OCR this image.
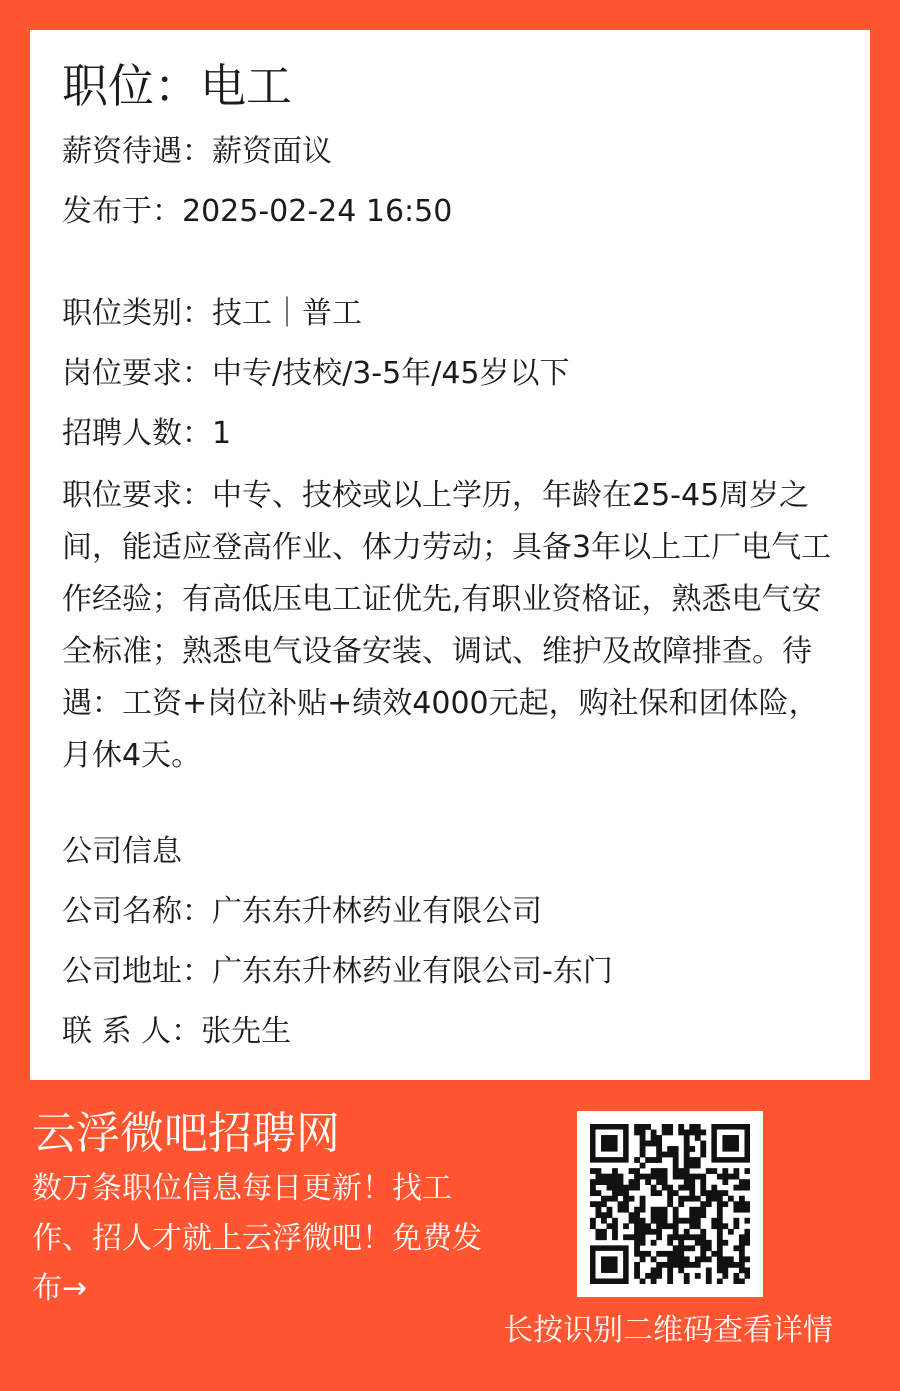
职位：电工
薪资待遇：薪资面议
发布于：2025-02-24 16:50
职位类别：技工｜普工
岗位要求：中专/技校/3-5年/45岁以下
招聘人数：1
职位要求：中专、技校或以上学历，年龄在25-45周岁之间，能适应登高作业、体力劳动；具备3年以上工厂电气工作经验；有高低压电工证优先,有职业资格证，熟悉电气安全标准；熟悉电气设备安装、调试、维护及故障排查。待遇：工资+岗位补贴+绩效4000元起，购社保和团体险，月休4天。
公司信息
公司名称：广东东升林药业有限公司
公司地址：广东东升林药业有限公司-东门
联 系 人：张先生
云浮微吧招聘网
数万条职位信息每日更新！找工作、招人才就上云浮微吧！免费发布→
长按识别二维码查看详情
